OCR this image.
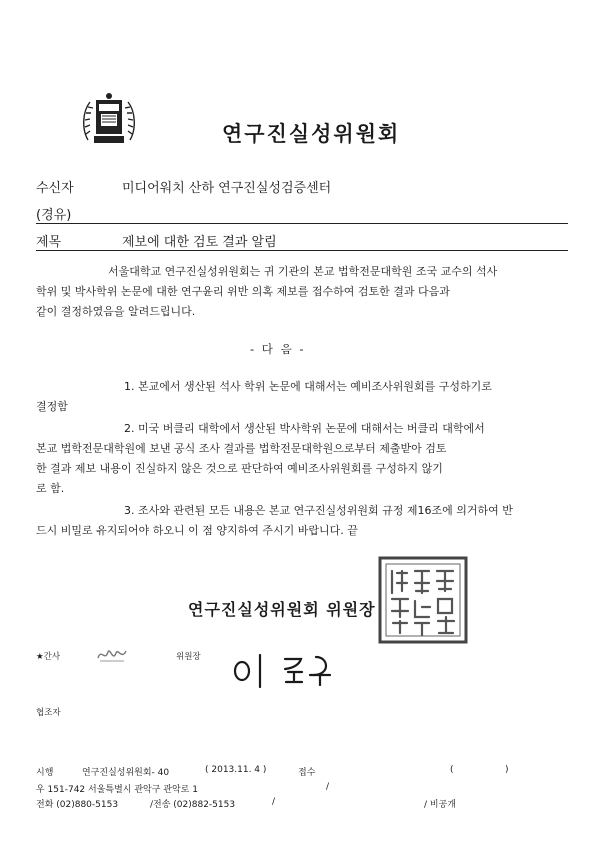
연구진실성위원회
수신자	미디어워치 산하 연구진실성검증센터
(경유)
제목	제보에 대한 검토 결과 알림
서울대학교 연구진실성위원회는 귀 기관의 본교 법학전문대학원 조국 교수의 석사
학위 및 박사학위 논문에 대한 연구윤리 위반 의혹 제보를 접수하여 검토한 결과 다음과
같이 결정하였음을 알려드립니다.
- 다 음 -
1. 본교에서 생산된 석사 학위 논문에 대해서는 예비조사위원회를 구성하기로
결정함
2. 미국 버클리 대학에서 생산된 박사학위 논문에 대해서는 버클리 대학에서
본교 법학전문대학원에 보낸 공식 조사 결과를 법학전문대학원으로부터 제출받아 검토
한 결과 제보 내용이 진실하지 않은 것으로 판단하여 예비조사위원회를 구성하지 않기
로 함.
3. 조사와 관련된 모든 내용은 본교 연구진실성위원회 규정 제16조에 의거하여 반
드시 비밀로 유지되어야 하오니 이 점 양지하여 주시기 바랍니다. 끝
연구진실성위원회 위원장
★간사	위원장
협조자
시행	연구진실성위원회- 40	( 2013.11. 4 )	접수	(                  )
우 151-742 서울특별시 관악구 관악로 1	/
전화 (02)880-5153	/전송 (02)882-5153	/	/ 비공개
